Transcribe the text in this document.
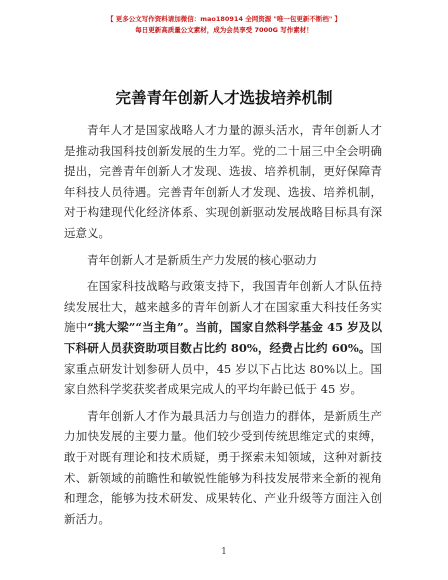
【 更多公文写作资料请加微信：mao180914 全网资源 "唯一包更新不断档" 】
每日更新高质量公文素材，成为会员享受 7000G 写作素材！
完善青年创新人才选拔培养机制

青年人才是国家战略人才力量的源头活水，青年创新人才是推动我国科技创新发展的生力军。党的二十届三中全会明确提出，完善青年创新人才发现、选拔、培养机制，更好保障青年科技人员待遇。完善青年创新人才发现、选拔、培养机制，对于构建现代化经济体系、实现创新驱动发展战略目标具有深远意义。

青年创新人才是新质生产力发展的核心驱动力

在国家科技战略与政策支持下，我国青年创新人才队伍持续发展壮大，越来越多的青年创新人才在国家重大科技任务实施中“挑大梁”“当主角”。当前，国家自然科学基金 45 岁及以下科研人员获资助项目数占比约 80%，经费占比约 60%。国家重点研发计划参研人员中，45 岁以下占比达 80%以上。国家自然科学奖获奖者成果完成人的平均年龄已低于 45 岁。

青年创新人才作为最具活力与创造力的群体，是新质生产力加快发展的主要力量。他们较少受到传统思维定式的束缚，敢于对既有理论和技术质疑，勇于探索未知领域，这种对新技术、新领域的前瞻性和敏锐性能够为科技发展带来全新的视角和理念，能够为技术研发、成果转化、产业升级等方面注入创新活力。

1
